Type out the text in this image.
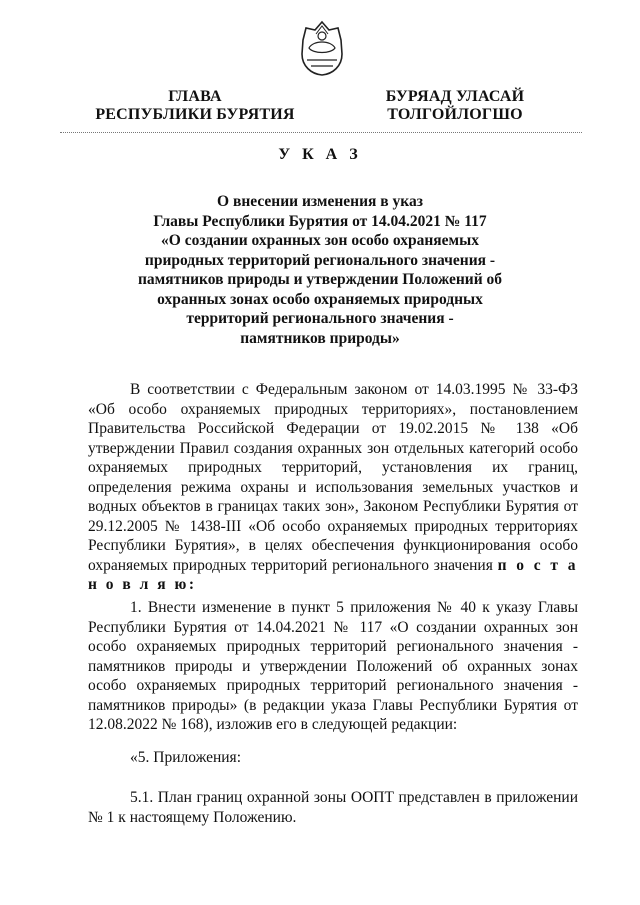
ГЛАВА
РЕСПУБЛИКИ БУРЯТИЯ
БУРЯАД УЛАСАЙ
ТОЛГОЙЛОГШО
У К А З
О внесении изменения в указ
Главы Республики Бурятия от 14.04.2021 № 117
«О создании охранных зон особо охраняемых
природных территорий регионального значения -
памятников природы и утверждении Положений об
охранных зонах особо охраняемых природных
территорий регионального значения -
памятников природы»

В соответствии с Федеральным законом от 14.03.1995 № 33-ФЗ «Об особо охраняемых природных территориях», постановлением Правительства Российской Федерации от 19.02.2015 № 138 «Об утверждении Правил создания охранных зон отдельных категорий особо охраняемых природных территорий, установления их границ, определения режима охраны и использования земельных участков и водных объектов в границах таких зон», Законом Республики Бурятия от 29.12.2005 № 1438-III «Об особо охраняемых природных территориях Республики Бурятия», в целях обеспечения функционирования особо охраняемых природных территорий регионального значения п о с т а н о в л я ю:

1. Внести изменение в пункт 5 приложения № 40 к указу Главы Республики Бурятия от 14.04.2021 № 117 «О создании охранных зон особо охраняемых природных территорий регионального значения - памятников природы и утверждении Положений об охранных зонах особо охраняемых природных территорий регионального значения - памятников природы» (в редакции указа Главы Республики Бурятия от 12.08.2022 № 168), изложив его в следующей редакции:

«5. Приложения:

5.1. План границ охранной зоны ООПТ представлен в приложении № 1 к настоящему Положению.
